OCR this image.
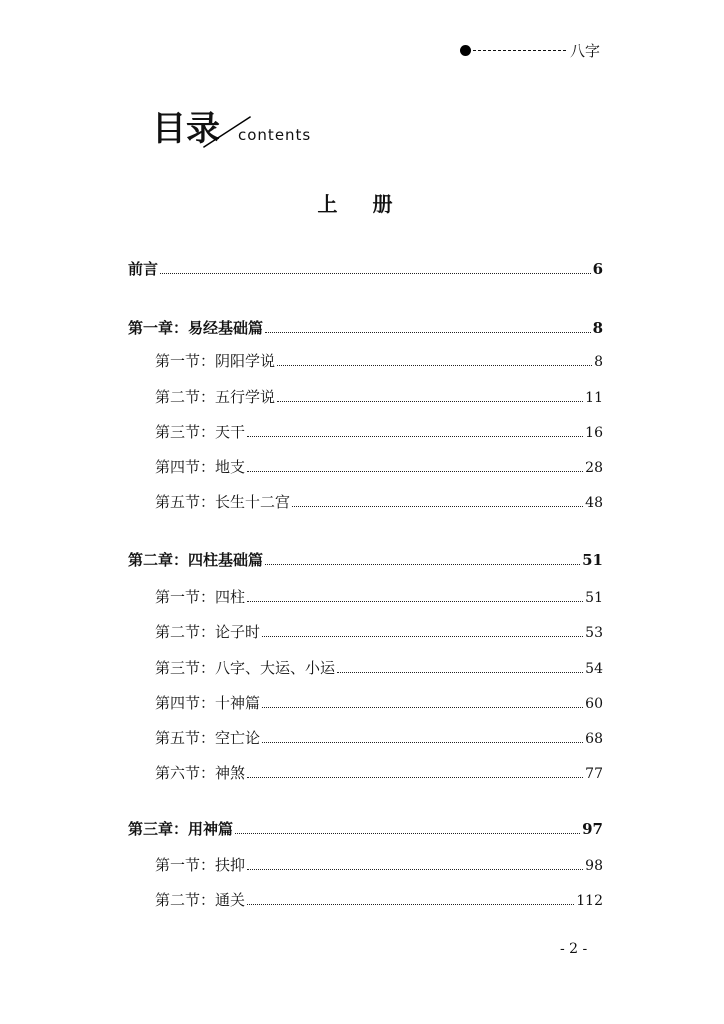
八字
目录 contents
上 册
前言	6
第一章：易经基础篇	8
第一节：阴阳学说	8
第二节：五行学说	11
第三节：天干	16
第四节：地支	28
第五节：长生十二宫	48
第二章：四柱基础篇	51
第一节：四柱	51
第二节：论子时	53
第三节：八字、大运、小运	54
第四节：十神篇	60
第五节：空亡论	68
第六节：神煞	77
第三章：用神篇	97
第一节：扶抑	98
第二节：通关	112
- 2 -
